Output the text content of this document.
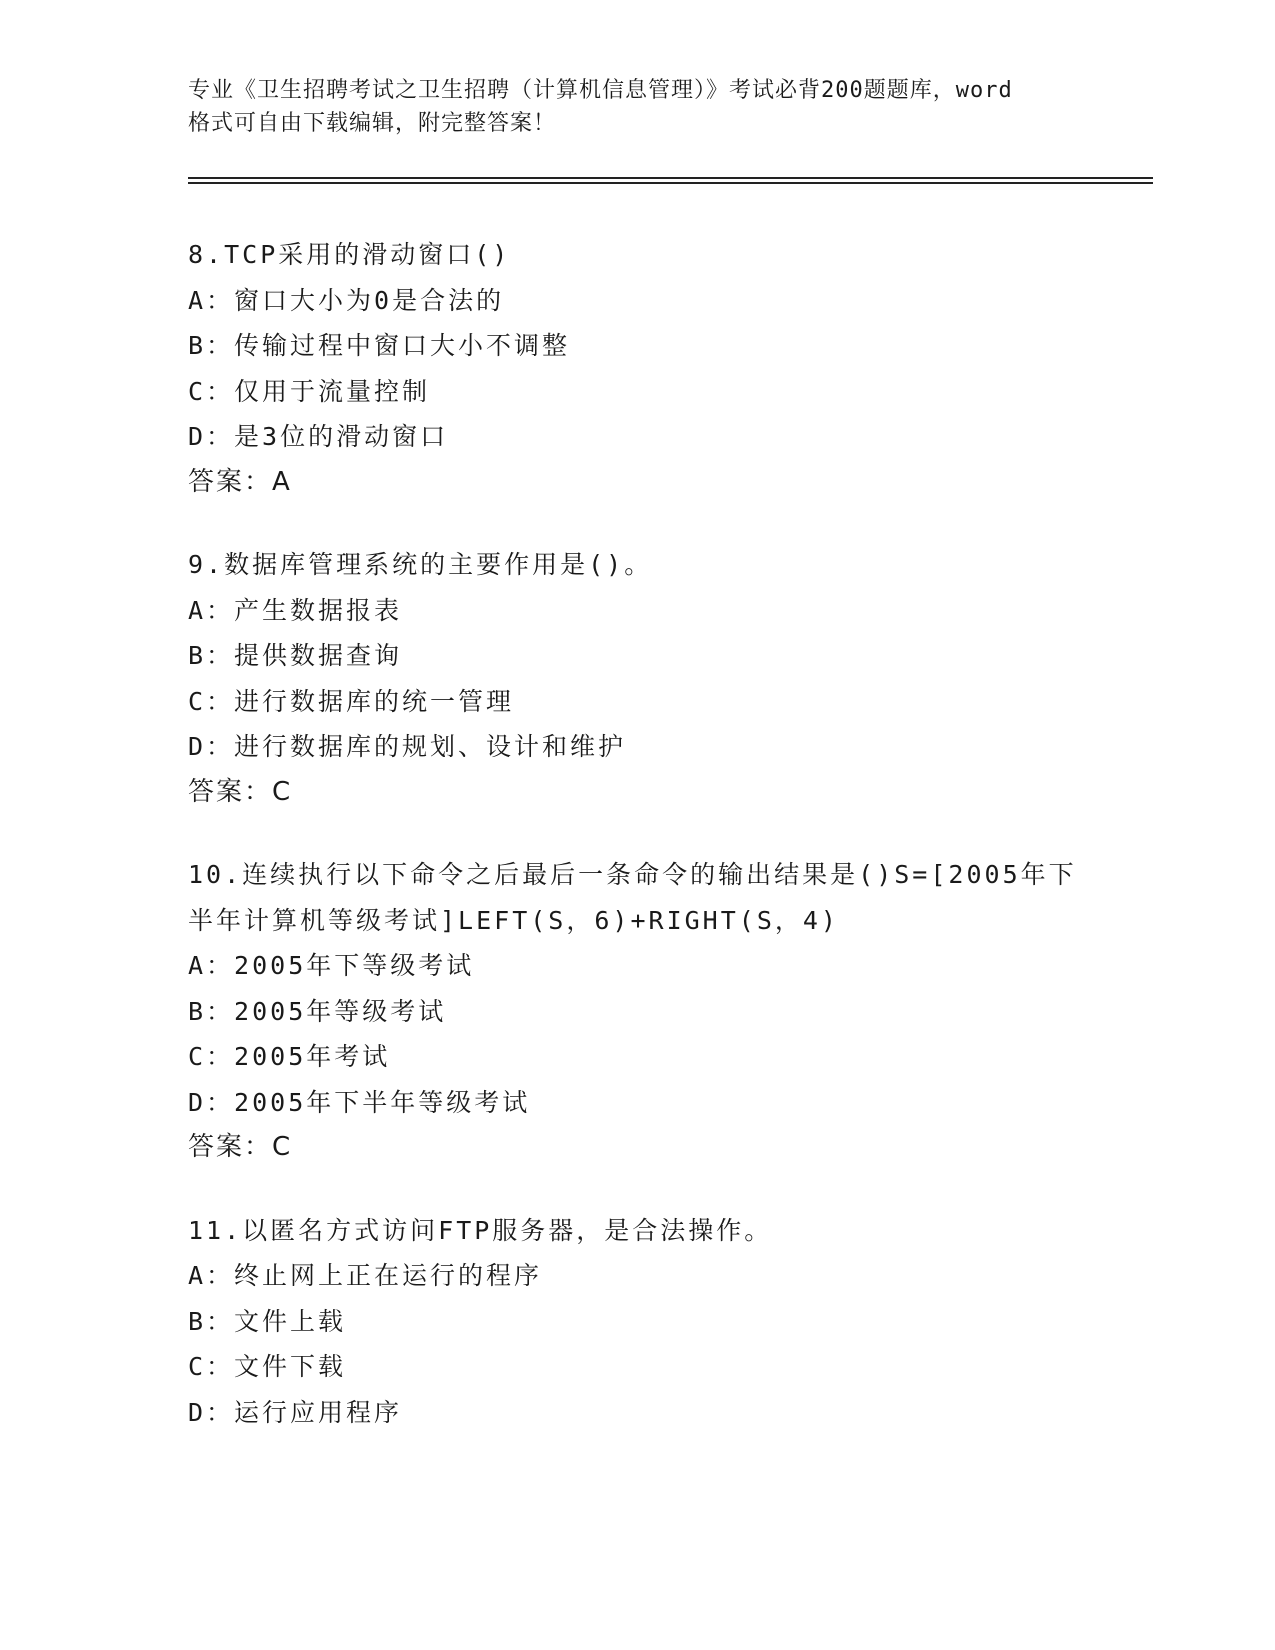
专业《卫生招聘考试之卫生招聘（计算机信息管理）》考试必背200题题库，word
格式可自由下载编辑，附完整答案！
8.TCP采用的滑动窗口()
A：窗口大小为0是合法的
B：传输过程中窗口大小不调整
C：仅用于流量控制
D：是3位的滑动窗口
答案：A
9.数据库管理系统的主要作用是()。
A：产生数据报表
B：提供数据查询
C：进行数据库的统一管理
D：进行数据库的规划、设计和维护
答案：C
10.连续执行以下命令之后最后一条命令的输出结果是()S=[2005年下半年计算机等级考试]LEFT(S，6)+RIGHT(S，4)
A：2005年下等级考试
B：2005年等级考试
C：2005年考试
D：2005年下半年等级考试
答案：C
11.以匿名方式访问FTP服务器，是合法操作。
A：终止网上正在运行的程序
B：文件上载
C：文件下载
D：运行应用程序
